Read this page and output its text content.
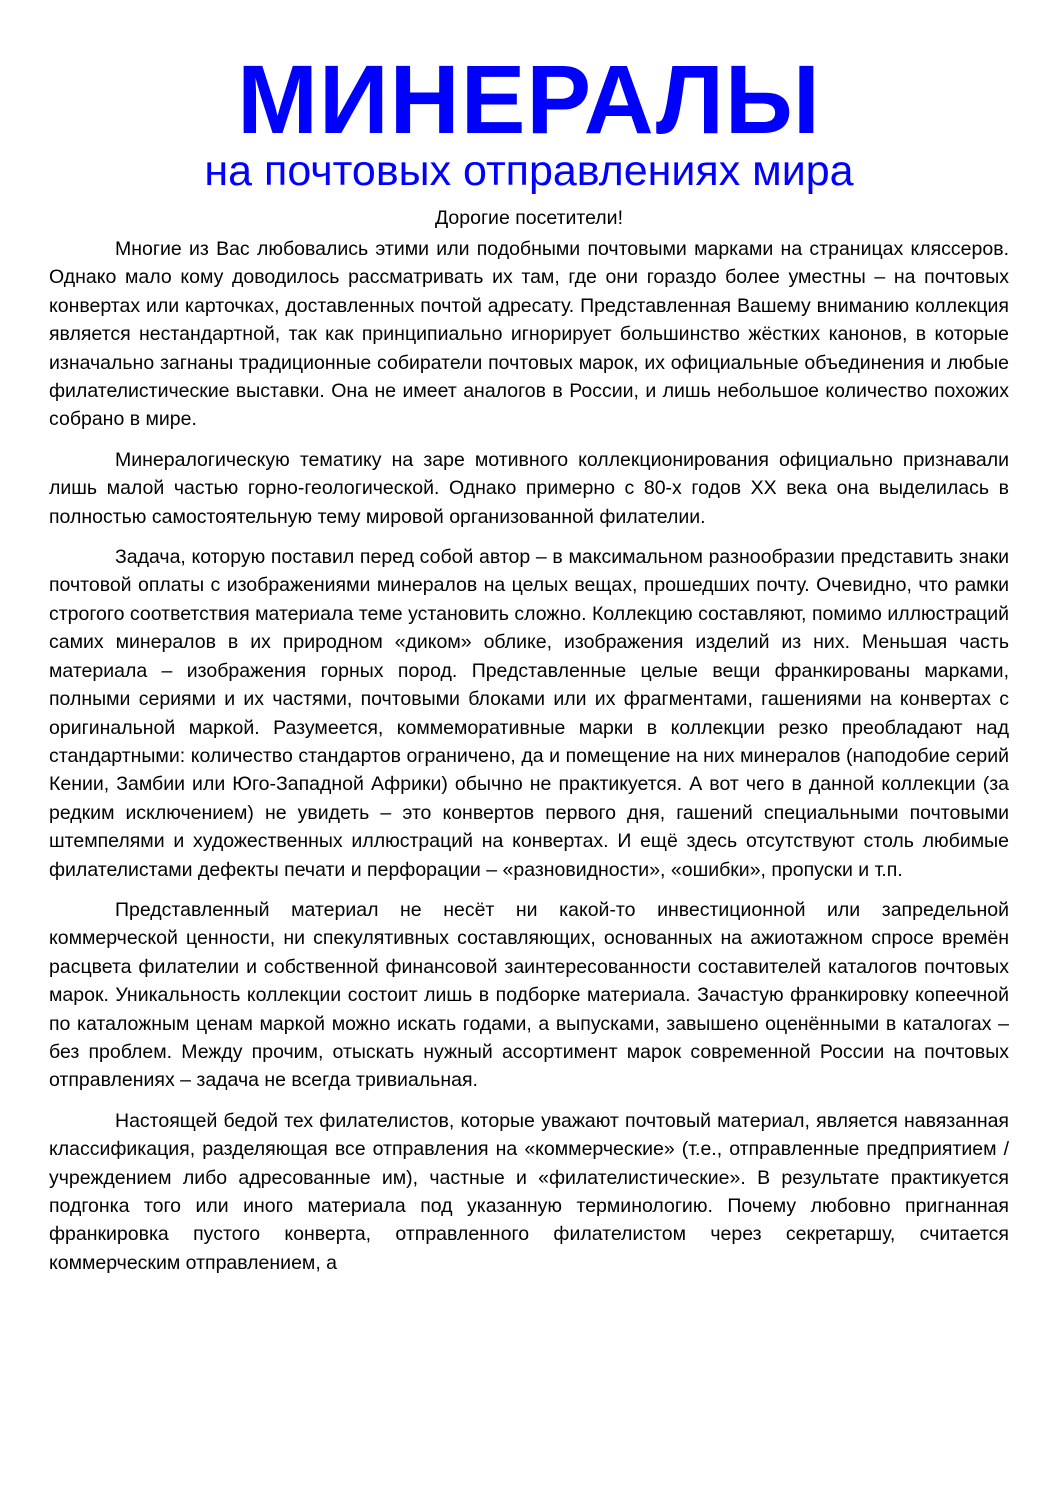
МИНЕРАЛЫ
на почтовых отправлениях мира

Дорогие посетители!

Многие из Вас любовались этими или подобными почтовыми марками на страницах кляссеров. Однако мало кому доводилось рассматривать их там, где они гораздо более уместны – на почтовых конвертах или карточках, доставленных почтой адресату. Представленная Вашему вниманию коллекция является нестандартной, так как принципиально игнорирует большинство жёстких канонов, в которые изначально загнаны традиционные собиратели почтовых марок, их официальные объединения и любые филателистические выставки. Она не имеет аналогов в России, и лишь небольшое количество похожих собрано в мире.

Минералогическую тематику на заре мотивного коллекционирования официально признавали лишь малой частью горно-геологической. Однако примерно с 80-х годов XX века она выделилась в полностью самостоятельную тему мировой организованной филателии.

Задача, которую поставил перед собой автор – в максимальном разнообразии представить знаки почтовой оплаты с изображениями минералов на целых вещах, прошедших почту. Очевидно, что рамки строгого соответствия материала теме установить сложно. Коллекцию составляют, помимо иллюстраций самих минералов в их природном «диком» облике, изображения изделий из них. Меньшая часть материала – изображения горных пород. Представленные целые вещи франкированы марками, полными сериями и их частями, почтовыми блоками или их фрагментами, гашениями на конвертах с оригинальной маркой. Разумеется, коммеморативные марки в коллекции резко преобладают над стандартными: количество стандартов ограничено, да и помещение на них минералов (наподобие серий Кении, Замбии или Юго-Западной Африки) обычно не практикуется. А вот чего в данной коллекции (за редким исключением) не увидеть – это конвертов первого дня, гашений специальными почтовыми штемпелями и художественных иллюстраций на конвертах. И ещё здесь отсутствуют столь любимые филателистами дефекты печати и перфорации – «разновидности», «ошибки», пропуски и т.п.

Представленный материал не несёт ни какой-то инвестиционной или запредельной коммерческой ценности, ни спекулятивных составляющих, основанных на ажиотажном спросе времён расцвета филателии и собственной финансовой заинтересованности составителей каталогов почтовых марок. Уникальность коллекции состоит лишь в подборке материала. Зачастую франкировку копеечной по каталожным ценам маркой можно искать годами, а выпусками, завышено оценёнными в каталогах – без проблем. Между прочим, отыскать нужный ассортимент марок современной России на почтовых отправлениях – задача не всегда тривиальная.

Настоящей бедой тех филателистов, которые уважают почтовый материал, является навязанная классификация, разделяющая все отправления на «коммерческие» (т.е., отправленные предприятием / учреждением либо адресованные им), частные и «филателистические». В результате практикуется подгонка того или иного материала под указанную терминологию. Почему любовно пригнанная франкировка пустого конверта, отправленного филателистом через секретаршу, считается коммерческим отправлением, а
